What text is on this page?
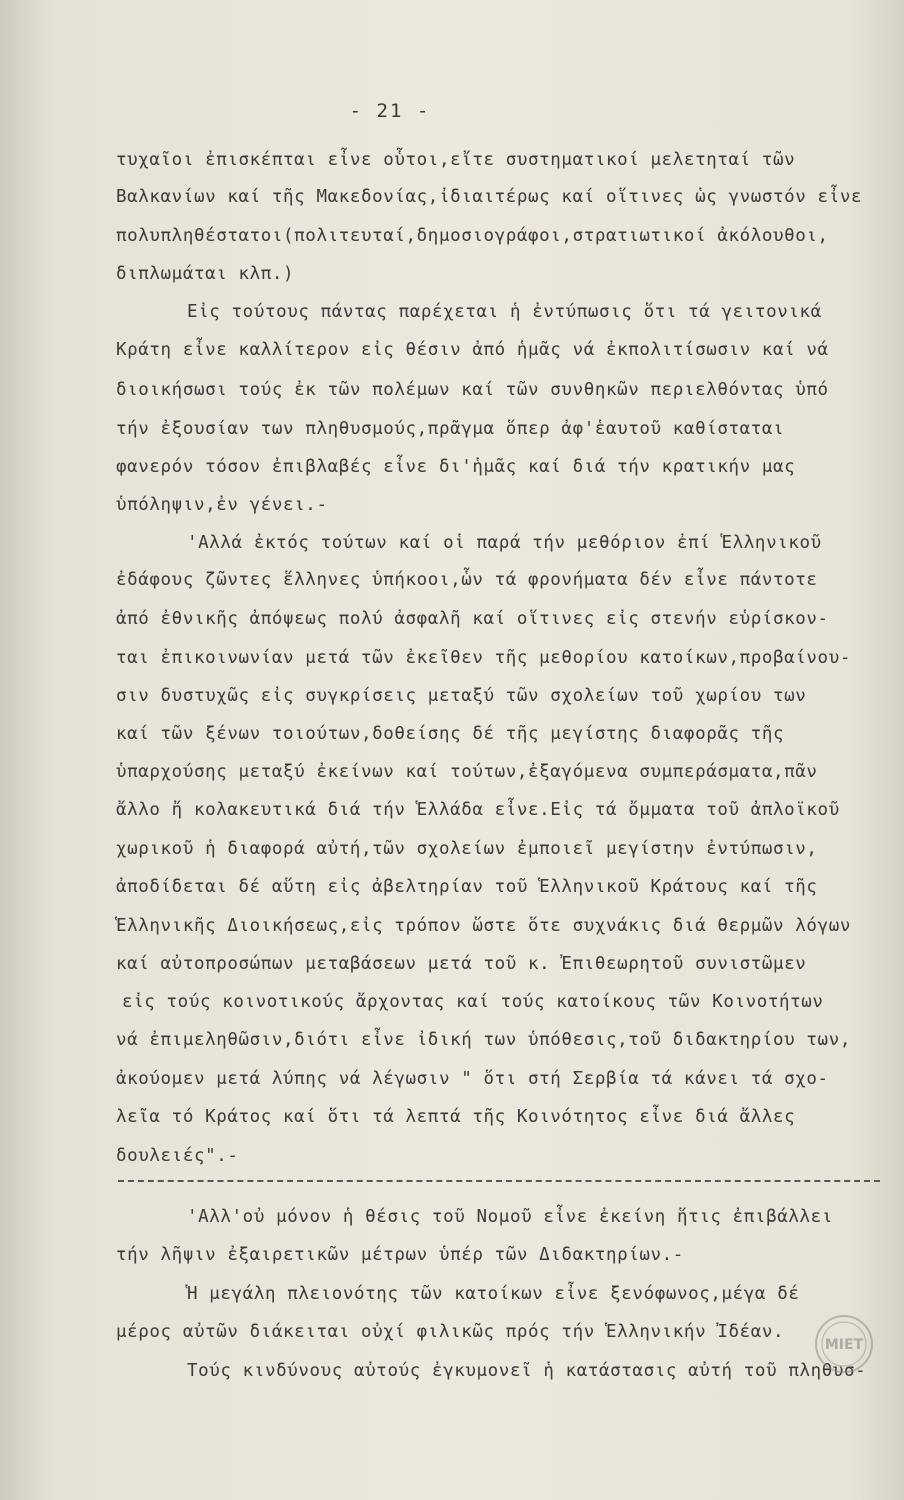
- 21 -
τυχαῖοι ἐπισκέπται εἶνε οὗτοι,εἴτε συστηματικοί μελετηταί τῶν
Βαλκανίων καί τῆς Μακεδονίας,ἰδιαιτέρως καί οἵτινες ὡς γνωστόν εἶνε
πολυπληθέστατοι(πολιτευταί,δημοσιογράφοι,στρατιωτικοί ἀκόλουθοι,
διπλωμάται κλπ.)
Εἰς τούτους πάντας παρέχεται ἡ ἐντύπωσις ὅτι τά γειτονικά
Κράτη εἶνε καλλίτερον εἰς θέσιν ἀπό ἡμᾶς νά ἐκπολιτίσωσιν καί νά
διοικήσωσι τούς ἐκ τῶν πολέμων καί τῶν συνθηκῶν περιελθόντας ὑπό
τήν ἐξουσίαν των πληθυσμούς,πρᾶγμα ὅπερ ἀφ'ἑαυτοῦ καθίσταται
φανερόν τόσον ἐπιβλαβές εἶνε δι'ἡμᾶς καί διά τήν κρατικήν μας
ὑπόληψιν,ἐν γένει.-
'Αλλά ἐκτός τούτων καί οἱ παρά τήν μεθόριον ἐπί Ἑλληνικοῦ
ἐδάφους ζῶντες ἕλληνες ὑπήκοοι,ὧν τά φρονήματα δέν εἶνε πάντοτε
ἀπό ἐθνικῆς ἀπόψεως πολύ ἀσφαλῆ καί οἵτινες εἰς στενήν εὑρίσκον-
ται ἐπικοινωνίαν μετά τῶν ἐκεῖθεν τῆς μεθορίου κατοίκων,προβαίνου-
σιν δυστυχῶς εἰς συγκρίσεις μεταξύ τῶν σχολείων τοῦ χωρίου των
καί τῶν ξένων τοιούτων,δοθείσης δέ τῆς μεγίστης διαφορᾶς τῆς
ὑπαρχούσης μεταξύ ἐκείνων καί τούτων,ἐξαγόμενα συμπεράσματα,πᾶν
ἄλλο ἤ κολακευτικά διά τήν Ἑλλάδα εἶνε.Εἰς τά ὄμματα τοῦ ἀπλοϊκοῦ
χωρικοῦ ἡ διαφορά αὐτή,τῶν σχολείων ἐμποιεῖ μεγίστην ἐντύπωσιν,
ἀποδίδεται δέ αὕτη εἰς ἀβελτηρίαν τοῦ Ἑλληνικοῦ Κράτους καί τῆς
Ἑλληνικῆς Διοικήσεως,εἰς τρόπον ὥστε ὅτε συχνάκις διά θερμῶν λόγων
καί αὐτοπροσώπων μεταβάσεων μετά τοῦ κ. Ἐπιθεωρητοῦ συνιστῶμεν
εἰς τούς κοινοτικούς ἄρχοντας καί τούς κατοίκους τῶν Κοινοτήτων
νά ἐπιμεληθῶσιν,διότι εἶνε ἰδική των ὑπόθεσις,τοῦ διδακτηρίου των,
ἀκούομεν μετά λύπης νά λέγωσιν " ὅτι στή Σερβία τά κάνει τά σχο-
λεῖα τό Κράτος καί ὅτι τά λεπτά τῆς Κοινότητος εἶνε διά ἄλλες
δουλειές".-
'Αλλ'οὐ μόνον ἡ θέσις τοῦ Νομοῦ εἶνε ἐκείνη ἥτις ἐπιβάλλει
τήν λῆψιν ἐξαιρετικῶν μέτρων ὑπέρ τῶν Διδακτηρίων.-
Ἡ μεγάλη πλειονότης τῶν κατοίκων εἶνε ξενόφωνος,μέγα δέ
μέρος αὐτῶν διάκειται οὐχί φιλικῶς πρός τήν Ἑλληνικήν Ἰδέαν.
Τούς κινδύνους αὐτούς ἐγκυμονεῖ ἡ κατάστασις αὐτή τοῦ πληθυσ-
ΜΙΕΤ
